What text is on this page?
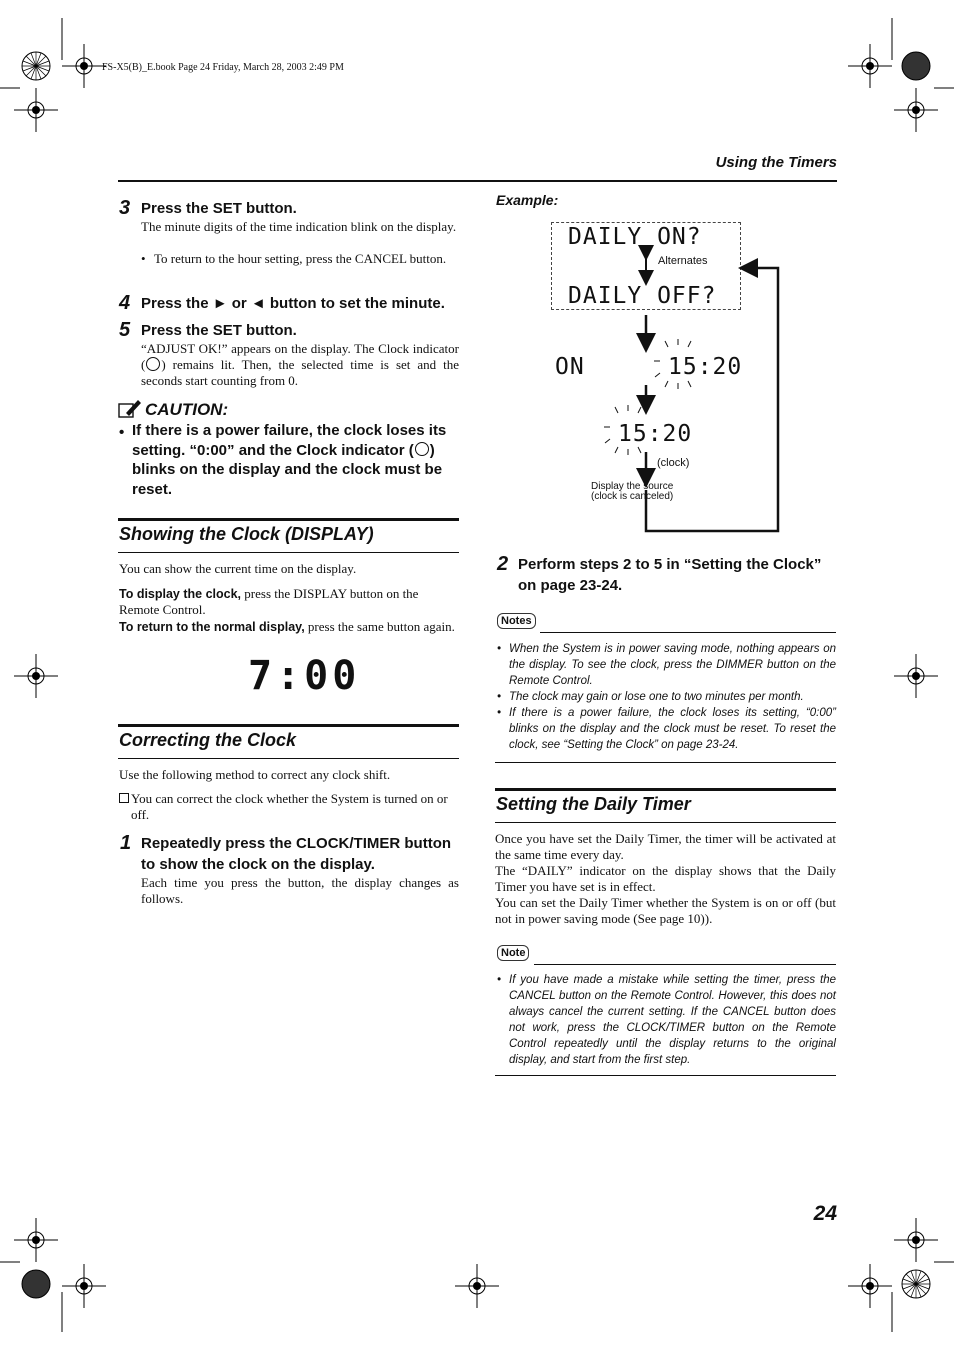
FS-X5(B)_E.book Page 24 Friday, March 28, 2003 2:49 PM
Using the Timers
3 Press the SET button.
The minute digits of the time indication blink on the display.
• To return to the hour setting, press the CANCEL button.
4 Press the ► or ◄ button to set the minute.
5 Press the SET button.
“ADJUST OK!” appears on the display. The Clock indicator ( ) remains lit. Then, the selected time is set and the seconds start counting from 0.
CAUTION:
• If there is a power failure, the clock loses its setting. “0:00” and the Clock indicator ( ) blinks on the display and the clock must be reset.
Showing the Clock (DISPLAY)
You can show the current time on the display.
To display the clock, press the DISPLAY button on the Remote Control.
To return to the normal display, press the same button again.
7:00
Correcting the Clock
Use the following method to correct any clock shift.
You can correct the clock whether the System is turned on or off.
1 Repeatedly press the CLOCK/TIMER button to show the clock on the display.
Each time you press the button, the display changes as follows.
Example:
DAILY ON?
DAILY OFF?
Alternates
ON	15:20
15:20
(clock)
Display the source
(clock is canceled)
2 Perform steps 2 to 5 in “Setting the Clock” on page 23-24.
Notes
• When the System is in power saving mode, nothing appears on the display. To see the clock, press the DIMMER button on the Remote Control.
• The clock may gain or lose one to two minutes per month.
• If there is a power failure, the clock loses its setting, “0:00” blinks on the display and the clock must be reset. To reset the clock, see “Setting the Clock” on page 23-24.
Setting the Daily Timer
Once you have set the Daily Timer, the timer will be activated at the same time every day.
The “DAILY” indicator on the display shows that the Daily Timer you have set is in effect.
You can set the Daily Timer whether the System is on or off (but not in power saving mode (See page 10)).
Note
• If you have made a mistake while setting the timer, press the CANCEL button on the Remote Control. However, this does not always cancel the current setting. If the CANCEL button does not work, press the CLOCK/TIMER button on the Remote Control repeatedly until the display returns to the original display, and start from the first step.
24
